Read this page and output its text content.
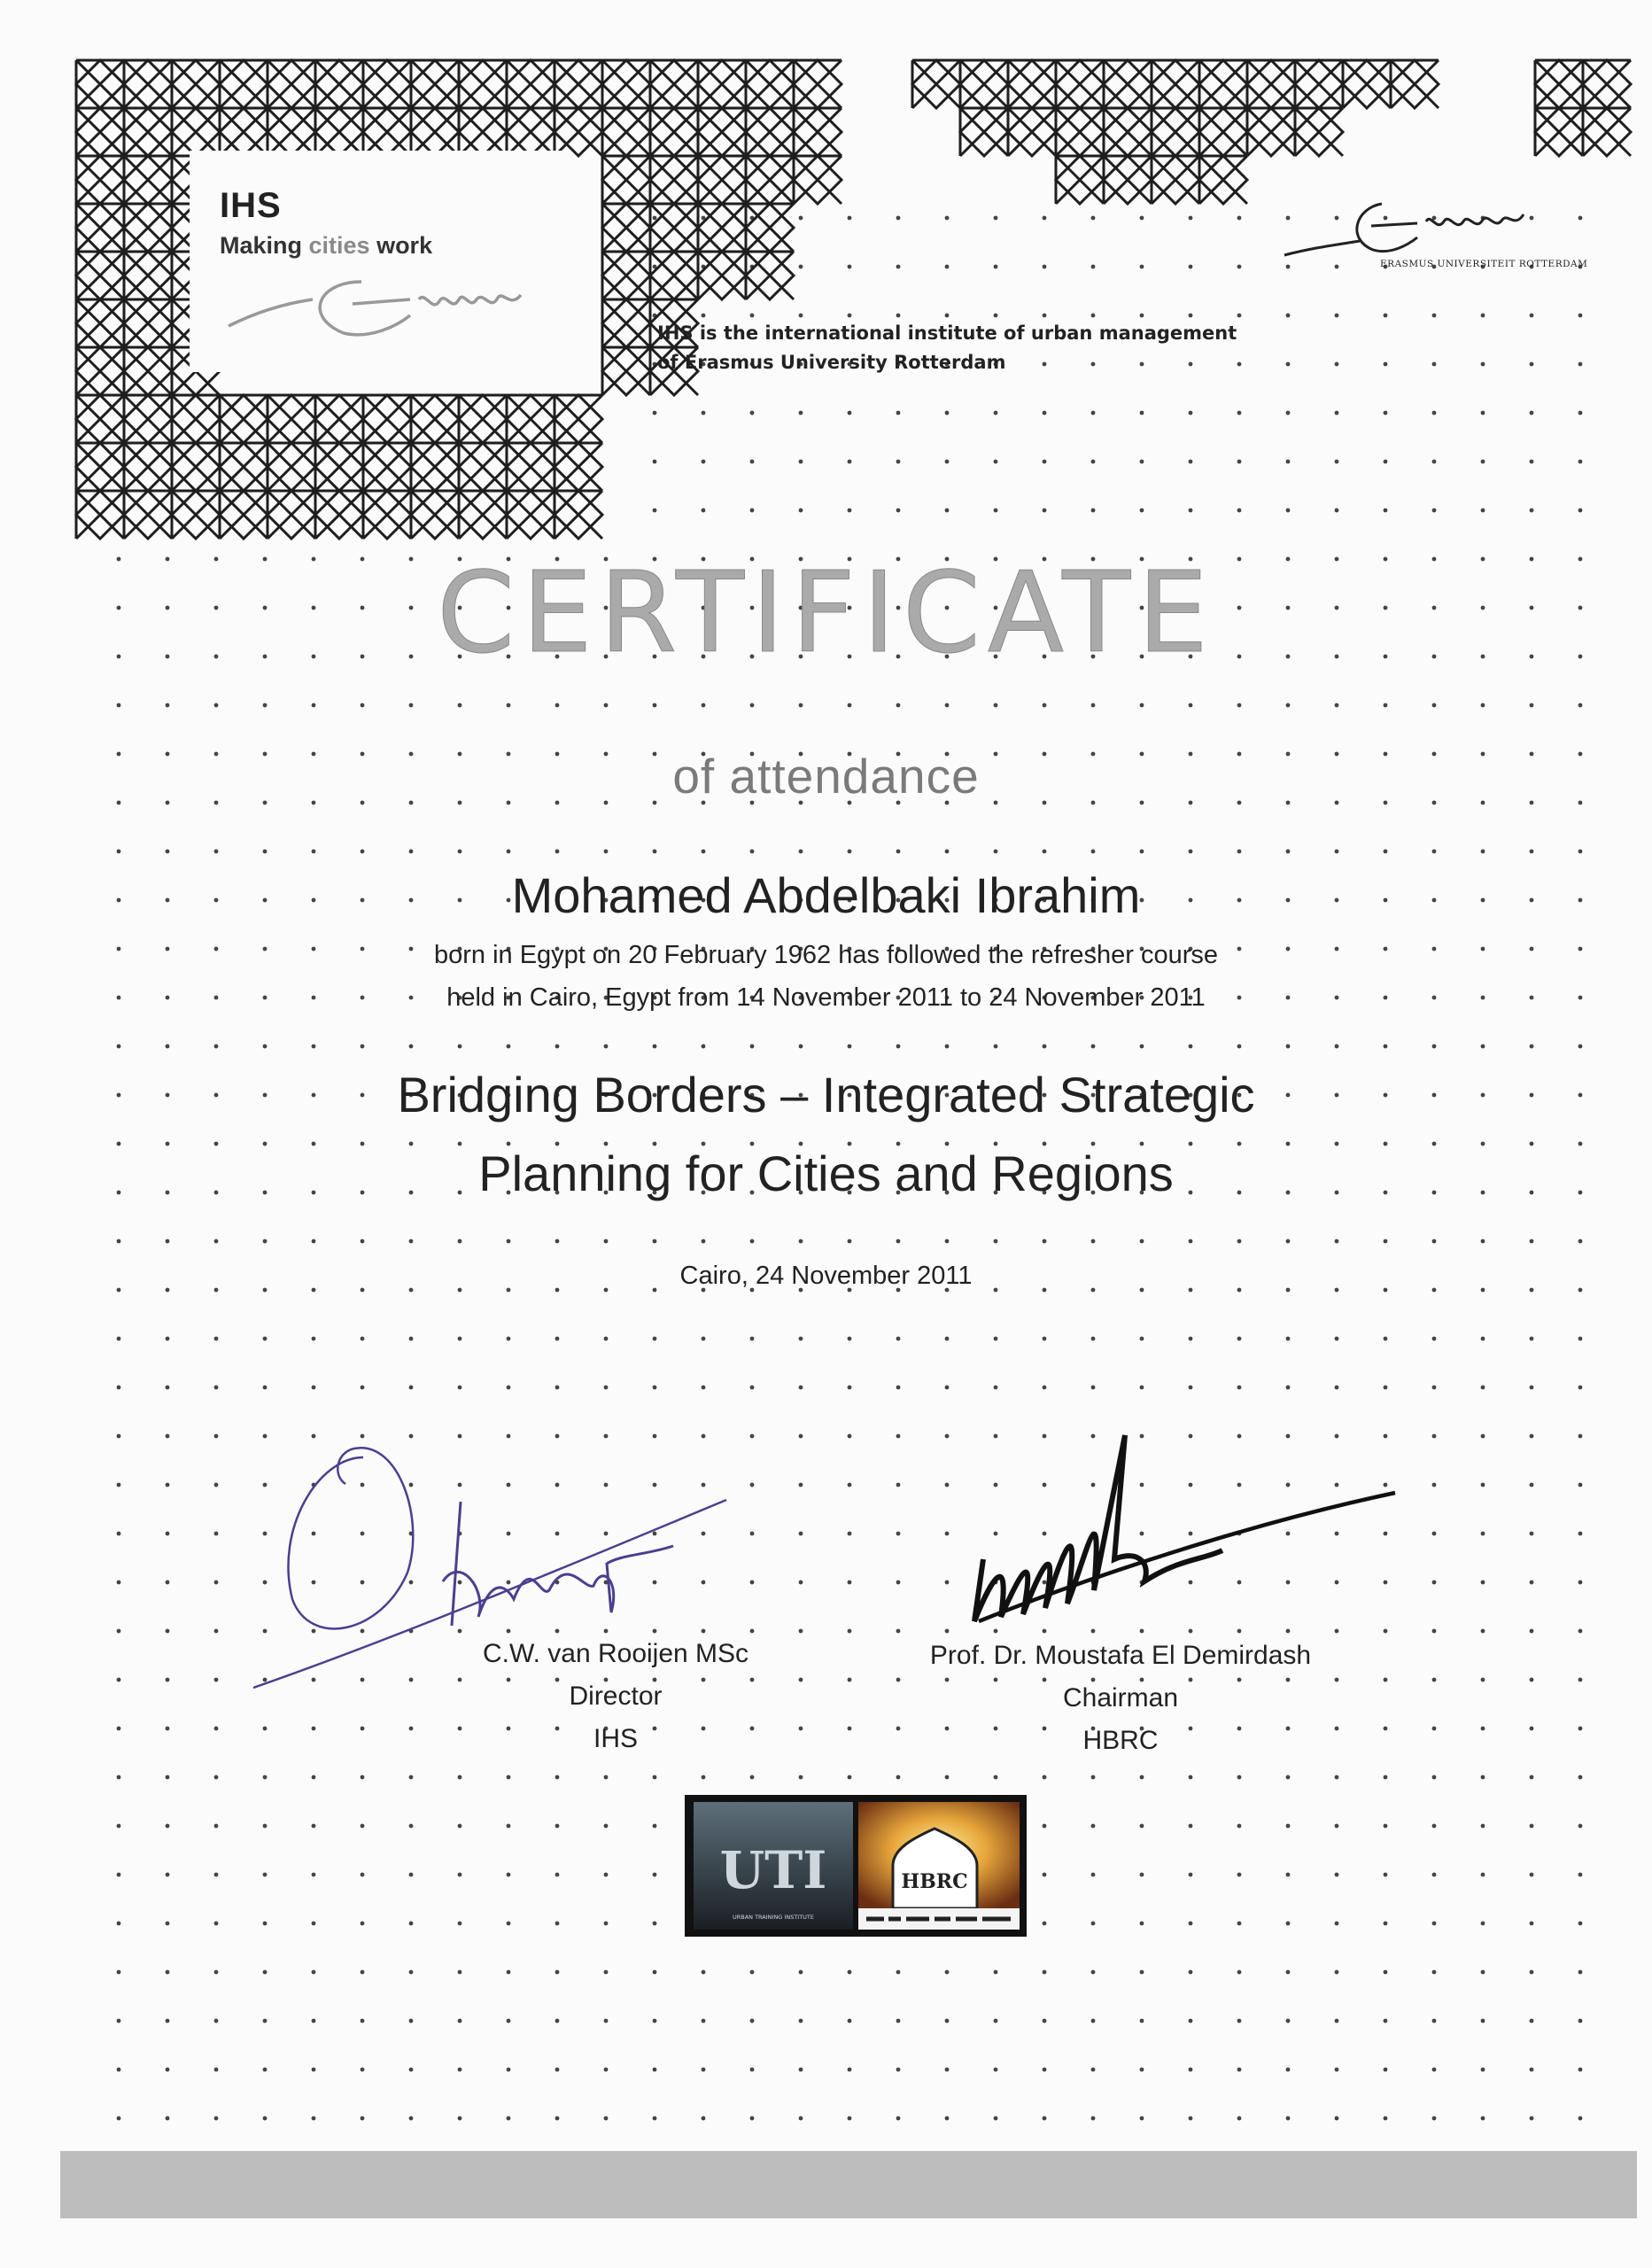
IHS
Making cities work
IHS is the international institute of urban management
of Erasmus University Rotterdam
ERASMUS UNIVERSITEIT ROTTERDAM
CERTIFICATE
of attendance
Mohamed Abdelbaki Ibrahim
born in Egypt on 20 February 1962 has followed the refresher course
held in Cairo, Egypt from 14 November 2011 to 24 November 2011
Bridging Borders – Integrated Strategic
Planning for Cities and Regions
Cairo, 24 November 2011
C.W. van Rooijen MSc
Director
IHS
Prof. Dr. Moustafa El Demirdash
Chairman
HBRC
UTI
URBAN TRAINING INSTITUTE
HBRC
